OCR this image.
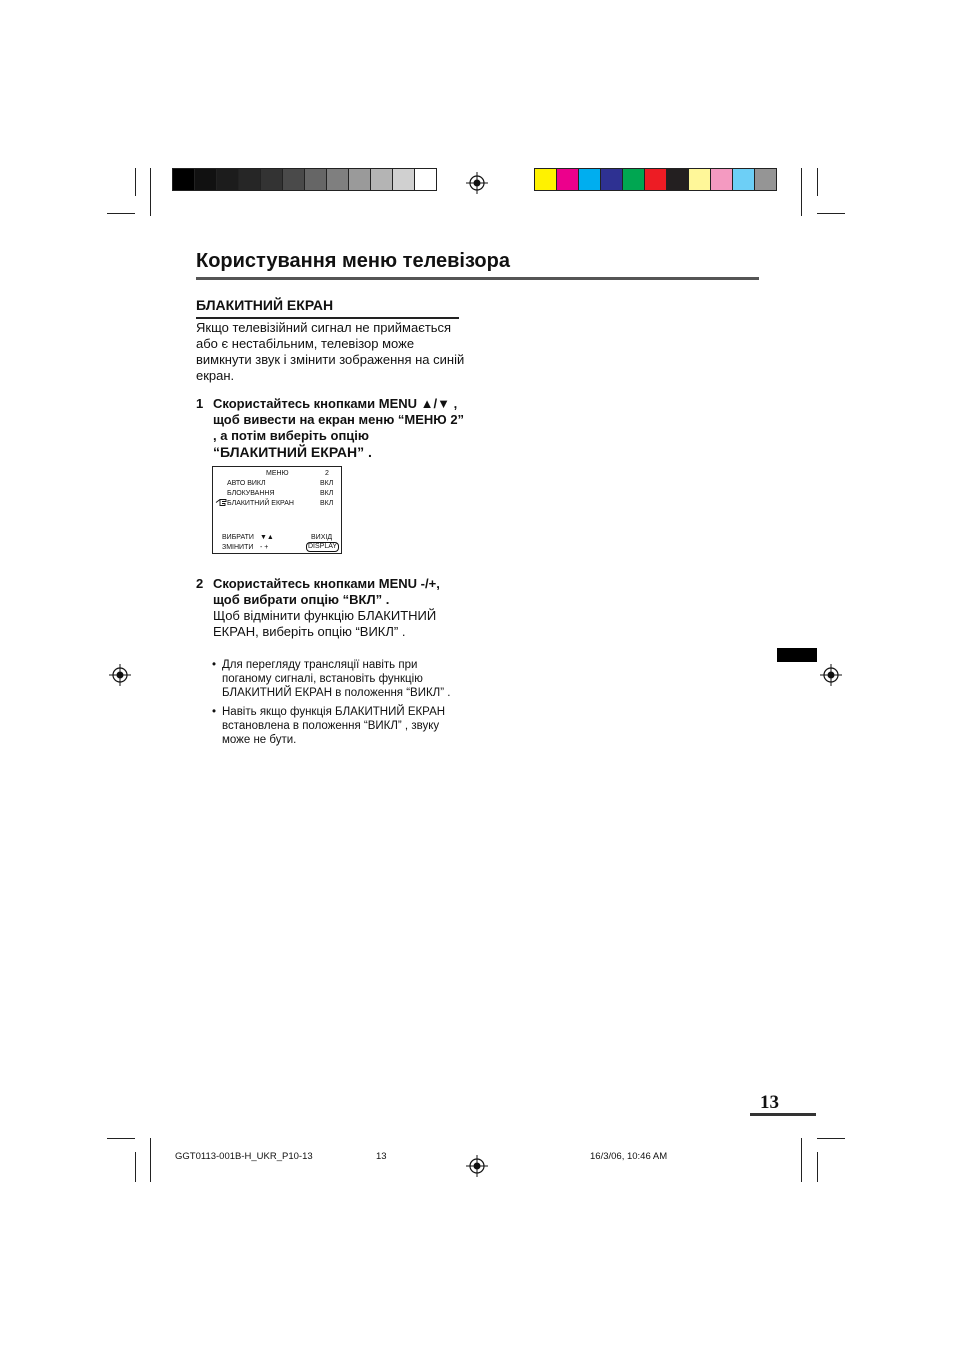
Користування меню телевізора
БЛАКИТНИЙ ЕКРАН
Якщо телевізійний сигнал не приймається або є нестабільним, телевізор може вимкнути звук і змінити зображення на синій екран.
1 Скористайтесь кнопками MENU ▲/▼ , щоб вивести на екран меню “МЕНЮ 2” , а потім виберіть опцію “БЛАКИТНИЙ ЕКРАН” .
МЕНЮ	2
АВТО ВИКЛ	ВКЛ
БЛОКУВАННЯ	ВКЛ
БЛАКИТНИЙ ЕКРАН	ВКЛ
ВИБРАТИ ▼▲
ЗМІНИТИ - +
ВИХІД
DISPLAY
2 Скористайтесь кнопками MENU -/+, щоб вибрати опцію “ВКЛ” .
Щоб відмінити функцію БЛАКИТНИЙ ЕКРАН, виберіть опцію “ВИКЛ” .
• Для перегляду трансляції навіть при поганому сигналі, встановіть функцію БЛАКИТНИЙ ЕКРАН в положення “ВИКЛ” .
• Навіть якщо функція БЛАКИТНИЙ ЕКРАН встановлена в положення “ВИКЛ” , звуку може не бути.
13
GGT0113-001B-H_UKR_P10-13	13	16/3/06, 10:46 AM
